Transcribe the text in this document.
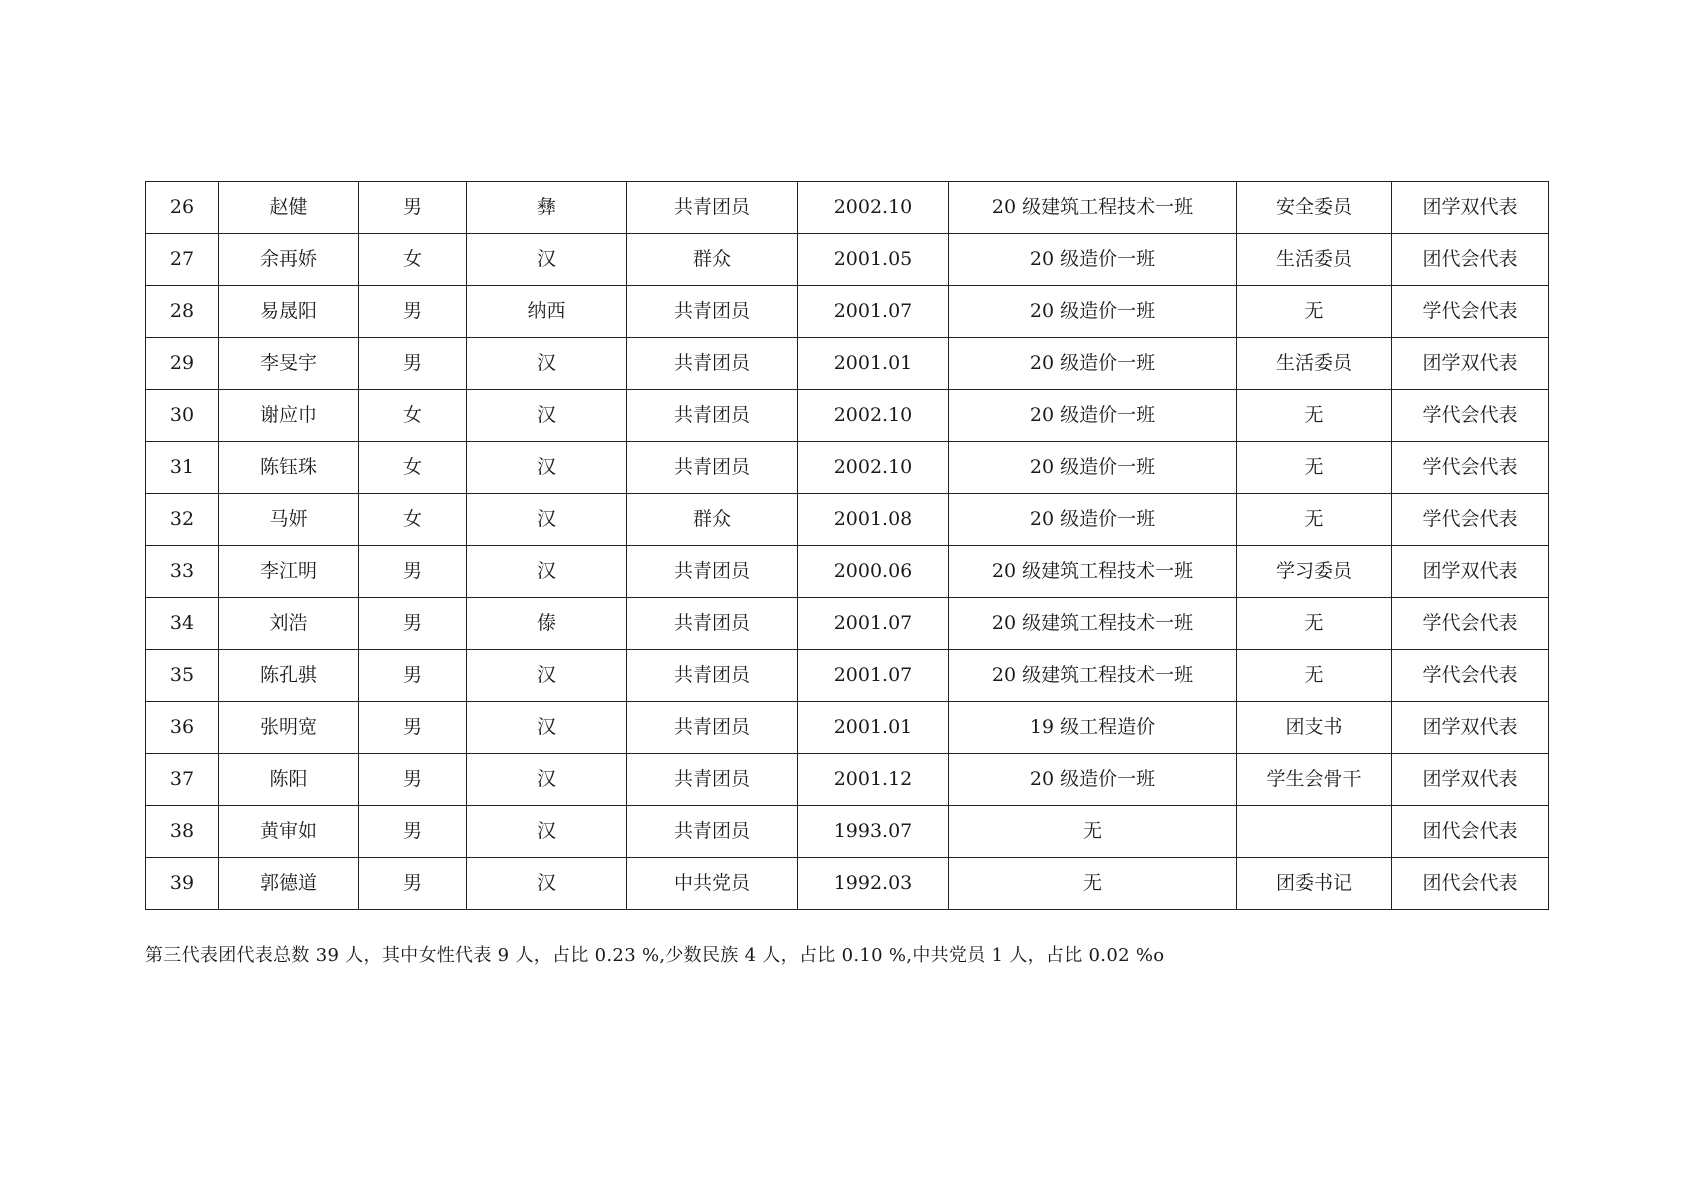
26	赵健	男	彝	共青团员	2002.10	20 级建筑工程技术一班	安全委员	团学双代表
27	余再娇	女	汉	群众	2001.05	20 级造价一班	生活委员	团代会代表
28	易晟阳	男	纳西	共青团员	2001.07	20 级造价一班	无	学代会代表
29	李旻宇	男	汉	共青团员	2001.01	20 级造价一班	生活委员	团学双代表
30	谢应巾	女	汉	共青团员	2002.10	20 级造价一班	无	学代会代表
31	陈钰珠	女	汉	共青团员	2002.10	20 级造价一班	无	学代会代表
32	马妍	女	汉	群众	2001.08	20 级造价一班	无	学代会代表
33	李江明	男	汉	共青团员	2000.06	20 级建筑工程技术一班	学习委员	团学双代表
34	刘浩	男	傣	共青团员	2001.07	20 级建筑工程技术一班	无	学代会代表
35	陈孔骐	男	汉	共青团员	2001.07	20 级建筑工程技术一班	无	学代会代表
36	张明宽	男	汉	共青团员	2001.01	19 级工程造价	团支书	团学双代表
37	陈阳	男	汉	共青团员	2001.12	20 级造价一班	学生会骨干	团学双代表
38	黄审如	男	汉	共青团员	1993.07	无		团代会代表
39	郭德道	男	汉	中共党员	1992.03	无	团委书记	团代会代表
第三代表团代表总数 39 人，其中女性代表 9 人，占比 0.23 %,少数民族 4 人，占比 0.10 %,中共党员 1 人，占比 0.02 %o
